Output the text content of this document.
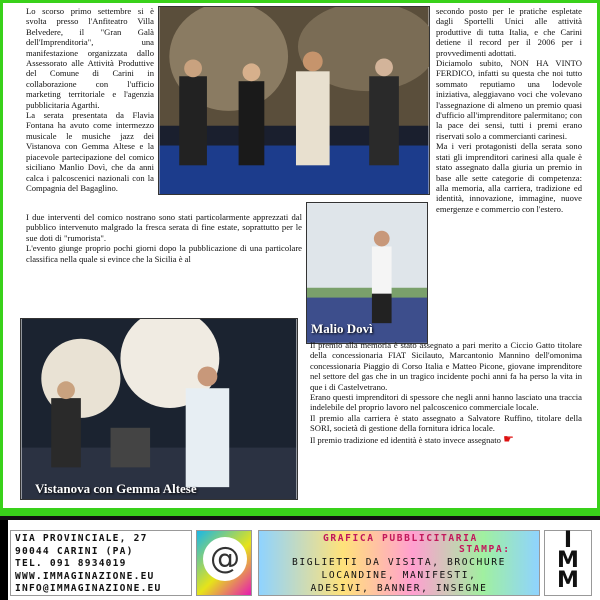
Lo scorso primo settembre si è svolta presso l'Anfiteatro Villa Belvedere, il "Gran Galà dell'Imprenditoria", una manifestazione organizzata dallo Assessorato alle Attività Produttive del Comune di Carini in collaborazione con l'ufficio marketing territoriale e l'agenzia pubblicitaria Agarthi.

La serata presentata da Flavia Fontana ha avuto come intermezzo musicale le musiche jazz dei Vistanova con Gemma Altese e la piacevole partecipazione del comico siciliano Manlio Dovì, che da anni calca i palcoscenici nazionali con la Compagnia del Bagaglino.

I due interventi del comico nostrano sono stati particolarmente apprezzati dal pubblico intervenuto malgrado la fresca serata di fine estate, soprattutto per le sue doti di "rumorista".

L'evento giunge proprio pochi giorni dopo la pubblicazione di una particolare classifica nella quale si evince che la Sicilia è al

secondo posto per le pratiche espletate dagli Sportelli Unici alle attività produttive di tutta Italia, e che Carini detiene il record per il 2006 per i provvedimenti adottati.

Diciamolo subito, NON HA VINTO FERDICO, infatti su questa che noi tutto sommato reputiamo una lodevole iniziativa, aleggiavano voci che volevano l'assegnazione di almeno un premio quasi d'ufficio all'imprenditore palermitano; con la pace dei sensi, tutti i premi erano riservati solo a commercianti carinesi.

Ma i veri protagonisti della serata sono stati gli imprenditori carinesi alla quale è stato assegnato dalla giuria un premio in base alle sette categorie di competenza: alla memoria, alla carriera, tradizione ed identità, innovazione, immagine, nuove emergenze e commercio con l'estero.

Malio Dovì
Vistanova con Gemma Altese

Il premio alla memoria è stato assegnato a pari merito a Ciccio Gatto titolare della concessionaria FIAT Sicilauto, Marcantonio Mannino dell'omonima concessionaria Piaggio di Corso Italia e Matteo Picone, giovane imprenditore nel settore del gas che in un tragico incidente pochi anni fa ha perso la vita in que i di Castelvetrano.

Erano questi imprenditori di spessore che negli anni hanno lasciato una traccia indelebile del proprio lavoro nel palcoscenico commerciale locale.

Il premio alla carriera è stato assegnato a Salvatore Ruffino, titolare della SORI, società di gestione della fornitura idrica locale.

Il premio tradizione ed identità è stato invece assegnato ☛

VIA PROVINCIALE, 27
90044 CARINI (PA)
TEL. 091 8934019
WWW.IMMAGINAZIONE.EU
INFO@IMMAGINAZIONE.EU
@
GRAFICA PUBBLICITARIA
STAMPA:
BIGLIETTI DA VISITA, BROCHURE
LOCANDINE, MANIFESTI,
ADESIVI, BANNER, INSEGNE
I
M
M
